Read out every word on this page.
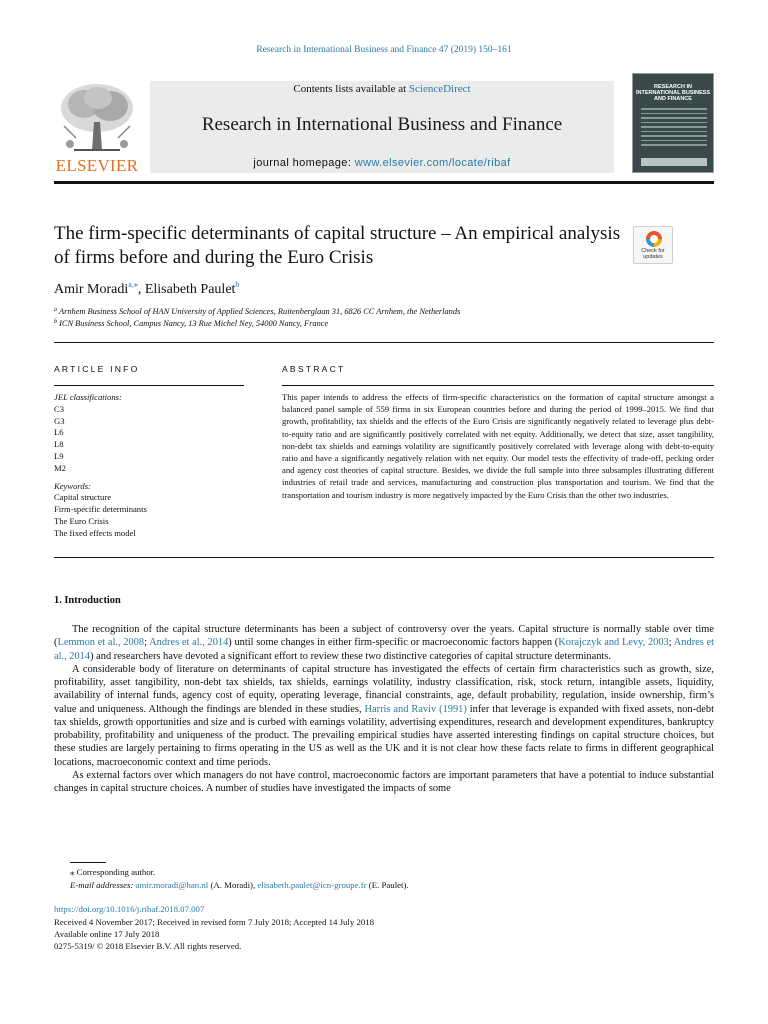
Research in International Business and Finance 47 (2019) 150–161
ELSEVIER
Contents lists available at ScienceDirect
Research in International Business and Finance
journal homepage: www.elsevier.com/locate/ribaf
RESEARCH IN INTERNATIONAL BUSINESS AND FINANCE
The firm-specific determinants of capital structure – An empirical analysis of firms before and during the Euro Crisis	Check for updates
Amir Moradi$^{a,⁎}$, Elisabeth Paulet$^b$
$^a$ Arnhem Business School of HAN University of Applied Sciences, Ruitenberglaan 31, 6826 CC Arnhem, the Netherlands
$^b$ ICN Business School, Campus Nancy, 13 Rue Michel Ney, 54000 Nancy, France
ARTICLE INFO	ABSTRACT
JEL classifications:
C3
G3
L6
L8
L9
M2
Keywords:
Capital structure
Firm-specific determinants
The Euro Crisis
The fixed effects model
This paper intends to address the effects of firm-specific characteristics on the formation of capital structure amongst a balanced panel sample of 559 firms in six European countries before and during the period of 1999–2015. We find that growth, profitability, tax shields and the effects of the Euro Crisis are significantly negatively related to leverage plus debt-to-equity ratio and are significantly positively correlated with net equity. Additionally, we detect that size, asset tangibility, non-debt tax shields and earnings volatility are significantly positively correlated with leverage along with debt-to-equity ratio and have a significantly negatively relation with net equity. Our model tests the effectivity of trade-off, pecking order and agency cost theories of capital structure. Besides, we divide the full sample into three subsamples illustrating different industries of retail trade and services, manufacturing and construction plus transportation and tourism. We find that the transportation and tourism industry is more negatively impacted by the Euro Crisis than the other two industries.
1. Introduction

The recognition of the capital structure determinants has been a subject of controversy over the years. Capital structure is normally stable over time (Lemmon et al., 2008; Andres et al., 2014) until some changes in either firm-specific or macroeconomic factors happen (Korajczyk and Levy, 2003; Andres et al., 2014) and researchers have devoted a significant effort to review these two distinctive categories of capital structure determinants.

A considerable body of literature on determinants of capital structure has investigated the effects of certain firm characteristics such as growth, size, profitability, asset tangibility, non-debt tax shields, tax shields, earnings volatility, industry classification, risk, stock return, intangible assets, liquidity, availability of internal funds, agency cost of equity, operating leverage, financial constraints, age, default probability, regulation, inside ownership, firm’s value and uniqueness. Although the findings are blended in these studies, Harris and Raviv (1991) infer that leverage is expanded with fixed assets, non-debt tax shields, growth opportunities and size and is curbed with earnings volatility, advertising expenditures, research and development expenditures, bankruptcy probability, profitability and uniqueness of the product. The prevailing empirical studies have asserted interesting findings on capital structure choices, but these studies are largely pertaining to firms operating in the US as well as the UK and it is not clear how these facts relate to firms in different geographical locations, macroeconomic context and time periods.

As external factors over which managers do not have control, macroeconomic factors are important parameters that have a potential to induce substantial changes in capital structure choices. A number of studies have investigated the impacts of some

⁎ Corresponding author.
E-mail addresses: amir.moradi@han.nl (A. Moradi), elisabeth.paulet@icn-groupe.fr (E. Paulet).
https://doi.org/10.1016/j.ribaf.2018.07.007
Received 4 November 2017; Received in revised form 7 July 2018; Accepted 14 July 2018
Available online 17 July 2018
0275-5319/ © 2018 Elsevier B.V. All rights reserved.
